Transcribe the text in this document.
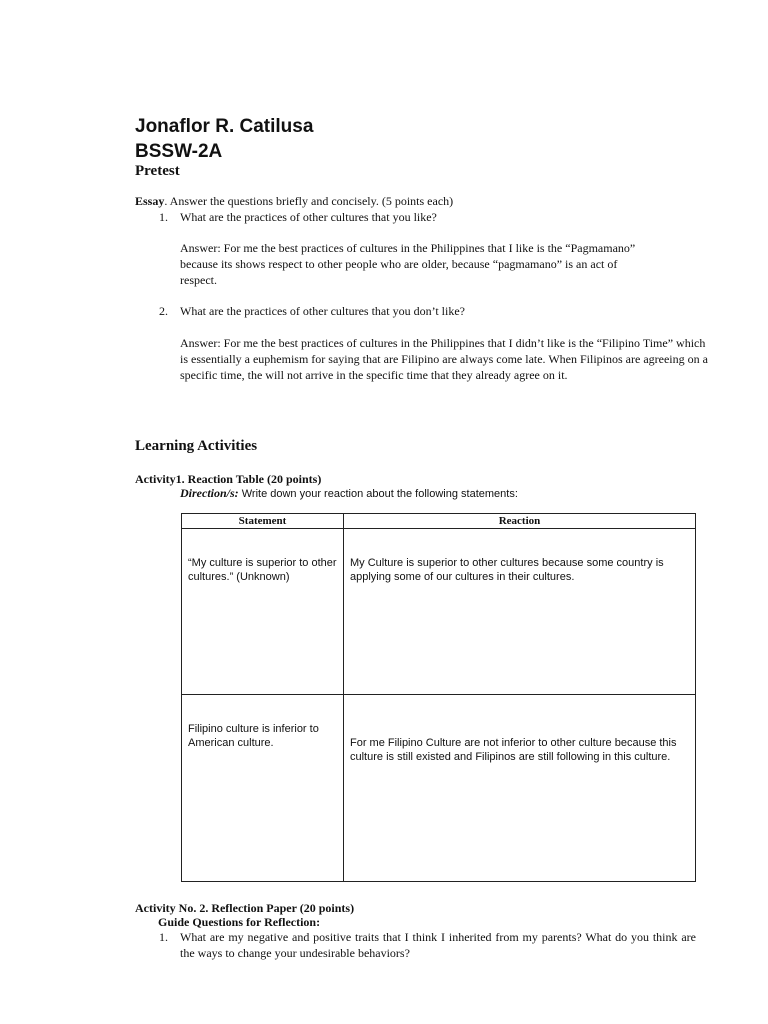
Jonaflor R. Catilusa
BSSW-2A
Pretest
Essay. Answer the questions briefly and concisely. (5 points each)
1.	What are the practices of other cultures that you like?
Answer: For me the best practices of cultures in the Philippines that I like is the “Pagmamano” because its shows respect to other people who are older, because “pagmamano” is an act of respect.
2.	What are the practices of other cultures that you don’t like?
Answer: For me the best practices of cultures in the Philippines that I didn’t like is the “Filipino Time” which is essentially a euphemism for saying that are Filipino are always come late. When Filipinos are agreeing on a specific time, the will not arrive in the specific time that they already agree on it.
Learning Activities
Activity1. Reaction Table (20 points)
Direction/s: Write down your reaction about the following statements:
Statement	Reaction
“My culture is superior to other cultures.” (Unknown)	My Culture is superior to other cultures because some country is applying some of our cultures in their cultures.
Filipino culture is inferior to American culture.	For me Filipino Culture are not inferior to other culture because this culture is still existed and Filipinos are still following in this culture.
Activity No. 2. Reflection Paper (20 points)
Guide Questions for Reflection:
1.	What are my negative and positive traits that I think I inherited from my parents? What do you think are the ways to change your undesirable behaviors?
